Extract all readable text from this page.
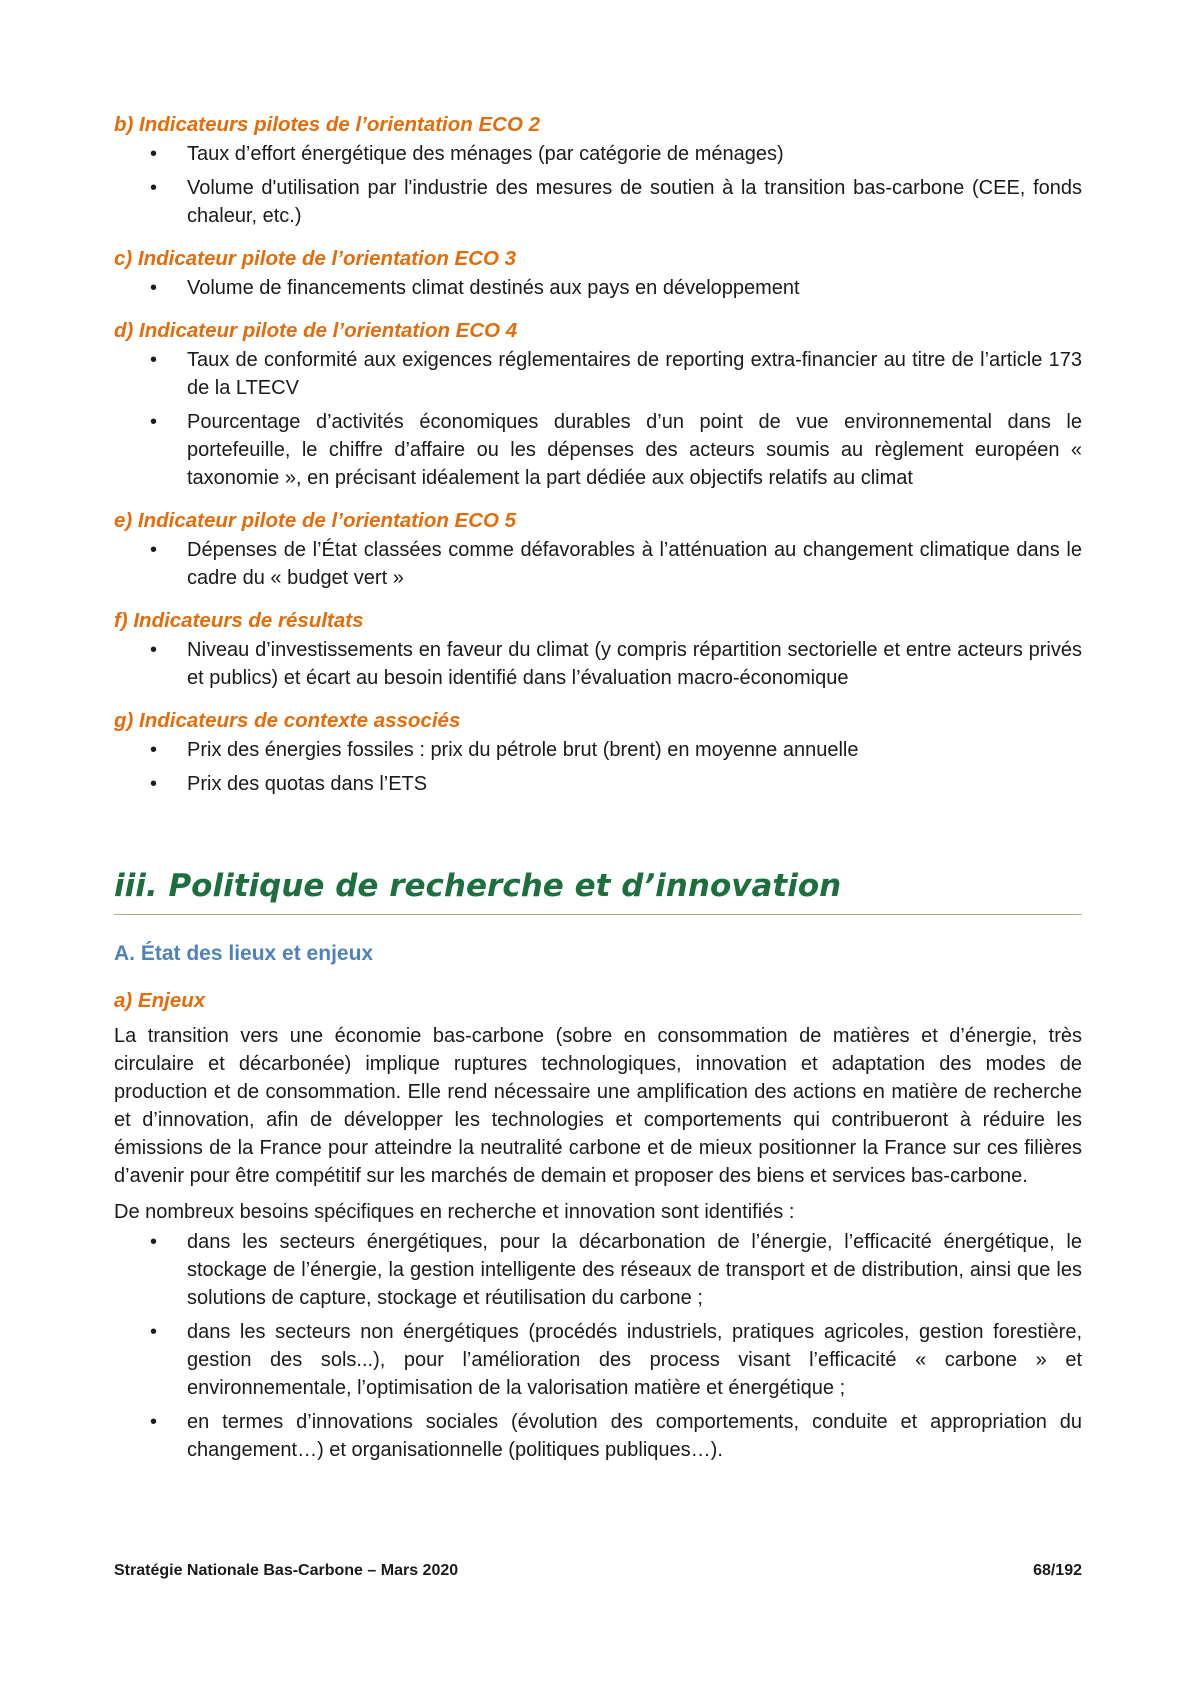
b) Indicateurs pilotes de l’orientation ECO 2
• Taux d’effort énergétique des ménages (par catégorie de ménages)
• Volume d'utilisation par l'industrie des mesures de soutien à la transition bas-carbone (CEE, fonds chaleur, etc.)
c) Indicateur pilote de l’orientation ECO 3
• Volume de financements climat destinés aux pays en développement
d) Indicateur pilote de l’orientation ECO 4
• Taux de conformité aux exigences réglementaires de reporting extra-financier au titre de l’article 173 de la LTECV
• Pourcentage d’activités économiques durables d’un point de vue environnemental dans le portefeuille, le chiffre d’affaire ou les dépenses des acteurs soumis au règlement européen « taxonomie », en précisant idéalement la part dédiée aux objectifs relatifs au climat
e) Indicateur pilote de l’orientation ECO 5
• Dépenses de l’État classées comme défavorables à l’atténuation au changement climatique dans le cadre du « budget vert »
f) Indicateurs de résultats
• Niveau d’investissements en faveur du climat (y compris répartition sectorielle et entre acteurs privés et publics) et écart au besoin identifié dans l’évaluation macro-économique
g) Indicateurs de contexte associés
• Prix des énergies fossiles : prix du pétrole brut (brent) en moyenne annuelle
• Prix des quotas dans l’ETS
iii. Politique de recherche et d’innovation
A. État des lieux et enjeux
a) Enjeux

La transition vers une économie bas-carbone (sobre en consommation de matières et d’énergie, très circulaire et décarbonée) implique ruptures technologiques, innovation et adaptation des modes de production et de consommation. Elle rend nécessaire une amplification des actions en matière de recherche et d’innovation, afin de développer les technologies et comportements qui contribueront à réduire les émissions de la France pour atteindre la neutralité carbone et de mieux positionner la France sur ces filières d’avenir pour être compétitif sur les marchés de demain et proposer des biens et services bas-carbone.

De nombreux besoins spécifiques en recherche et innovation sont identifiés :

• dans les secteurs énergétiques, pour la décarbonation de l’énergie, l’efficacité énergétique, le stockage de l’énergie, la gestion intelligente des réseaux de transport et de distribution, ainsi que les solutions de capture, stockage et réutilisation du carbone ;
• dans les secteurs non énergétiques (procédés industriels, pratiques agricoles, gestion forestière, gestion des sols...), pour l’amélioration des process visant l’efficacité « carbone » et environnementale, l’optimisation de la valorisation matière et énergétique ;
• en termes d’innovations sociales (évolution des comportements, conduite et appropriation du changement…) et organisationnelle (politiques publiques…).
Stratégie Nationale Bas-Carbone – Mars 2020	68/192
